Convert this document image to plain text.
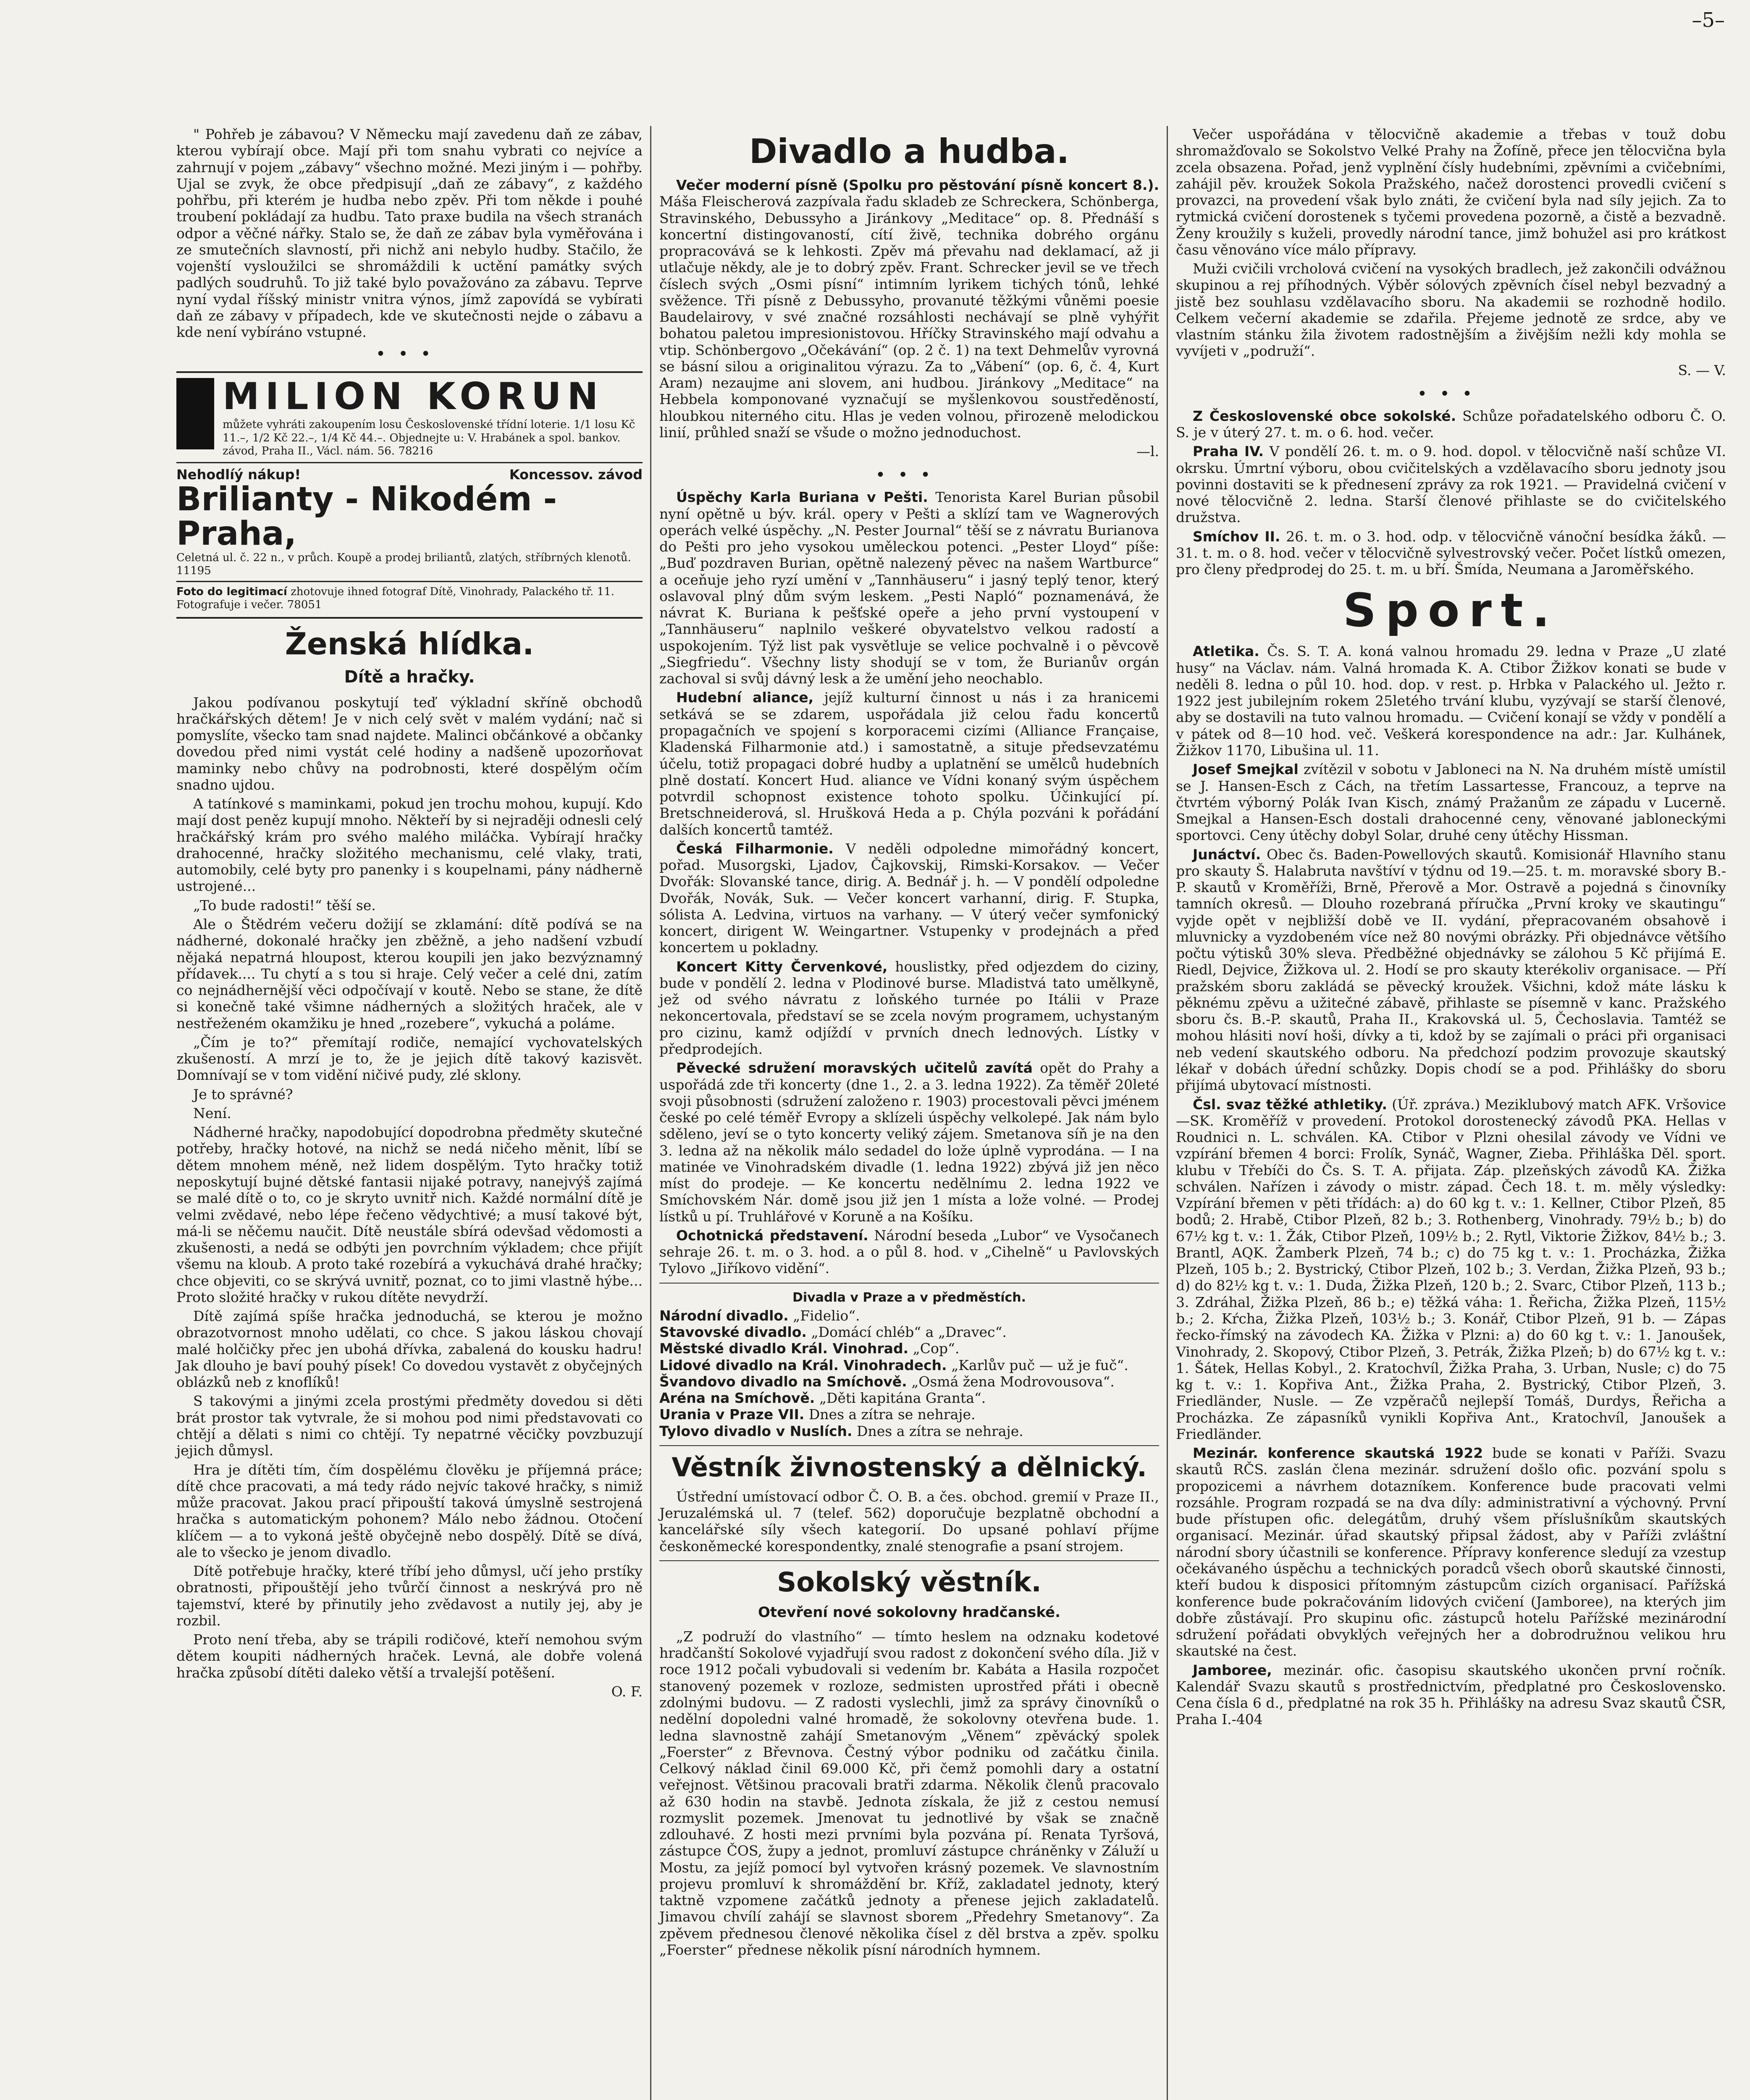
–5–

" Pohřeb je zábavou? V Německu mají zavedenu daň ze zábav, kterou vybírají obce. Mají při tom snahu vybrati co nejvíce a zahrnují v pojem „zábavy“ všechno možné. Mezi jiným i — pohřby. Ujal se zvyk, že obce předpisují „daň ze zábavy“, z každého pohřbu, při kterém je hudba nebo zpěv. Při tom někde i pouhé troubení pokládají za hudbu. Tato praxe budila na všech stranách odpor a věčné nářky. Stalo se, že daň ze zábav byla vyměřována i ze smutečních slavností, při nichž ani nebylo hudby. Stačilo, že vojenští vysloužilci se shromáždili k uctění památky svých padlých soudruhů. To již také bylo považováno za zábavu. Teprve nyní vydal říšský ministr vnitra výnos, jímž zapovídá se vybírati daň ze zábavy v případech, kde ve skutečnosti nejde o zábavu a kde není vybíráno vstupné.

•••
MILION KORUN
můžete vyhráti zakoupením losu Československé třídní loterie. 1/1 losu Kč 11.–, 1/2 Kč 22.–, 1/4 Kč 44.–. Objednejte u: V. Hrabánek a spol. bankov. závod, Praha II., Václ. nám. 56. 78216
Nehodlíý nákup!	Koncessov. závod
Brilianty - Nikodém - Praha,
Celetná ul. č. 22 n., v průch. Koupě a prodej briliantů, zlatých, stříbrných klenotů. 11195
Foto do legitimací zhotovuje ihned fotograf Dítě, Vinohrady, Palackého tř. 11. Fotografuje i večer. 78051
Ženská hlídka.
Dítě a hračky.

Jakou podívanou poskytují teď výkladní skříně obchodů hračkářských dětem! Je v nich celý svět v malém vydání; nač si pomyslíte, všecko tam snad najdete. Malinci občánkové a občanky dovedou před nimi vystát celé hodiny a nadšeně upozorňovat maminky nebo chůvy na podrobnosti, které dospělým očím snadno ujdou.

A tatínkové s maminkami, pokud jen trochu mohou, kupují. Kdo mají dost peněz kupují mnoho. Někteří by si nejraději odnesli celý hračkářský krám pro svého malého miláčka. Vybírají hračky drahocenné, hračky složitého mechanismu, celé vlaky, trati, automobily, celé byty pro panenky i s koupelnami, pány nádherně ustrojené...

„To bude radosti!“ těší se.

Ale o Štědrém večeru dožijí se zklamání: dítě podívá se na nádherné, dokonalé hračky jen zběžně, a jeho nadšení vzbudí nějaká nepatrná hloupost, kterou koupili jen jako bezvýznamný přídavek.... Tu chytí a s tou si hraje. Celý večer a celé dni, zatím co nejnádhernější věci odpočívají v koutě. Nebo se stane, že dítě si konečně také všimne nádherných a složitých hraček, ale v nestřeženém okamžiku je hned „rozebere“, vykuchá a poláme.

„Čím je to?“ přemítají rodiče, nemající vychovatelských zkušeností. A mrzí je to, že je jejich dítě takový kazisvět. Domnívají se v tom vidění ničivé pudy, zlé sklony.

Je to správné?

Není.

Nádherné hračky, napodobující dopodrobna předměty skutečné potřeby, hračky hotové, na nichž se nedá ničeho měnit, líbí se dětem mnohem méně, než lidem dospělým. Tyto hračky totiž neposkytují bujné dětské fantasii nijaké potravy, nanejvýš zajímá se malé dítě o to, co je skryto uvnitř nich. Každé normální dítě je velmi zvědavé, nebo lépe řečeno vědychtivé; a musí takové být, má-li se něčemu naučit. Dítě neustále sbírá odevšad vědomosti a zkušenosti, a nedá se odbýti jen povrchním výkladem; chce přijít všemu na kloub. A proto také rozebírá a vykuchává drahé hračky; chce objeviti, co se skrývá uvnitř, poznat, co to jimi vlastně hýbe... Proto složité hračky v rukou dítěte nevydrží.

Dítě zajímá spíše hračka jednoduchá, se kterou je možno obrazotvornost mnoho udělati, co chce. S jakou láskou chovají malé holčičky přec jen ubohá dřívka, zabalená do kousku hadru! Jak dlouho je baví pouhý písek! Co dovedou vystavět z obyčejných oblázků neb z knoflíků!

S takovými a jinými zcela prostými předměty dovedou si děti brát prostor tak vytvrale, že si mohou pod nimi představovati co chtějí a dělati s nimi co chtějí. Ty nepatrné věcičky povzbuzují jejich důmysl.

Hra je dítěti tím, čím dospělému člověku je příjemná práce; dítě chce pracovati, a má tedy rádo nejvíc takové hračky, s nimiž může pracovat. Jakou prací připouští taková úmyslně sestrojená hračka s automatickým pohonem? Málo nebo žádnou. Otočení klíčem — a to vykoná ještě obyčejně nebo dospělý. Dítě se dívá, ale to všecko je jenom divadlo.

Dítě potřebuje hračky, které tříbí jeho důmysl, učí jeho prstíky obratnosti, připouštějí jeho tvůrčí činnost a neskrývá pro ně tajemství, které by přinutily jeho zvědavost a nutily jej, aby je rozbil.

Proto není třeba, aby se trápili rodičové, kteří nemohou svým dětem koupiti nádherných hraček. Levná, ale dobře volená hračka způsobí dítěti daleko větší a trvalejší potěšení.

O. F.
Divadlo a hudba.

Večer moderní písně (Spolku pro pěstování písně koncert 8.). Máša Fleischerová zazpívala řadu skladeb ze Schreckera, Schönberga, Stravinského, Debussyho a Jiránkovy „Meditace“ op. 8. Přednáší s koncertní distingovaností, cítí živě, technika dobrého orgánu propracovává se k lehkosti. Zpěv má převahu nad deklamací, až ji utlačuje někdy, ale je to dobrý zpěv. Frant. Schrecker jevil se ve třech číslech svých „Osmi písní“ intimním lyrikem tichých tónů, lehké svěžence. Tři písně z Debussyho, provanuté těžkými vůněmi poesie Baudelairovy, v své značné rozsáhlosti nechávají se plně vyhýřit bohatou paletou impresionistovou. Hříčky Stravinského mají odvahu a vtip. Schönbergovo „Očekávání“ (op. 2 č. 1) na text Dehmelův vyrovná se básní silou a originalitou výrazu. Za to „Vábení“ (op. 6, č. 4, Kurt Aram) nezaujme ani slovem, ani hudbou. Jiránkovy „Meditace“ na Hebbela komponované vyznačují se myšlenkovou soustředěností, hloubkou niterného citu. Hlas je veden volnou, přirozeně melodickou linií, průhled snaží se všude o možno jednoduchost.

—l.
•••

Úspěchy Karla Buriana v Pešti. Tenorista Karel Burian působil nyní opětně u býv. král. opery v Pešti a sklízí tam ve Wagnerových operách velké úspěchy. „N. Pester Journal“ těší se z návratu Burianova do Pešti pro jeho vysokou uměleckou potenci. „Pester Lloyd“ píše: „Buď pozdraven Burian, opětně nalezený pěvec na našem Wartburce“ a oceňuje jeho ryzí umění v „Tannhäuseru“ i jasný teplý tenor, který oslavoval plný dům svým leskem. „Pesti Napló“ poznamenává, že návrat K. Buriana k pešťské opeře a jeho první vystoupení v „Tannhäuseru“ naplnilo veškeré obyvatelstvo velkou radostí a uspokojením. Týž list pak vysvětluje se velice pochvalně i o pěvcově „Siegfriedu“. Všechny listy shodují se v tom, že Burianův orgán zachoval si svůj dávný lesk a že umění jeho neochablo.

Hudební aliance, jejíž kulturní činnost u nás i za hranicemi setkává se se zdarem, uspořádala již celou řadu koncertů propagačních ve spojení s korporacemi cizími (Alliance Française, Kladenská Filharmonie atd.) i samostatně, a situje předsevzatému účelu, totiž propagaci dobré hudby a uplatnění se umělců hudebních plně dostatí. Koncert Hud. aliance ve Vídni konaný svým úspěchem potvrdil schopnost existence tohoto spolku. Účinkující pí. Bretschneiderová, sl. Hrušková Heda a p. Chýla pozváni k pořádání dalších koncertů tamtéž.

Česká Filharmonie. V neděli odpoledne mimořádný koncert, pořad. Musorgski, Ljadov, Čajkovskij, Rimski-Korsakov. — Večer Dvořák: Slovanské tance, dirig. A. Bednář j. h. — V pondělí odpoledne Dvořák, Novák, Suk. — Večer koncert varhanní, dirig. F. Stupka, sólista A. Ledvina, virtuos na varhany. — V úterý večer symfonický koncert, dirigent W. Weingartner. Vstupenky v prodejnách a před koncertem u pokladny.

Koncert Kitty Červenkové, houslistky, před odjezdem do ciziny, bude v pondělí 2. ledna v Plodinové burse. Mladistvá tato umělkyně, jež od svého návratu z loňského turnée po Itálii v Praze nekoncertovala, představí se se zcela novým programem, uchystaným pro cizinu, kamž odjíždí v prvních dnech lednových. Lístky v předprodejích.

Pěvecké sdružení moravských učitelů zavítá opět do Prahy a uspořádá zde tři koncerty (dne 1., 2. a 3. ledna 1922). Za těměř 20leté svoji působnosti (sdružení založeno r. 1903) procestovali pěvci jménem české po celé téměř Evropy a sklízeli úspěchy velkolepé. Jak nám bylo sděleno, jeví se o tyto koncerty veliký zájem. Smetanova síň je na den 3. ledna až na několik málo sedadel do lože úplně vyprodána. — I na matinée ve Vinohradském divadle (1. ledna 1922) zbývá již jen něco míst do prodeje. — Ke koncertu nedělnímu 2. ledna 1922 ve Smíchovském Nár. domě jsou již jen 1 místa a lože volné. — Prodej lístků u pí. Truhlářové v Koruně a na Košíku.

Ochotnická představení. Národní beseda „Lubor“ ve Vysočanech sehraje 26. t. m. o 3. hod. a o půl 8. hod. v „Cihelně“ u Pavlovských Tylovo „Jiříkovo vidění“.

Divadla v Praze a v předměstích.

Národní divadlo. „Fidelio“.

Stavovské divadlo. „Domácí chléb“ a „Dravec“.

Městské divadlo Král. Vinohrad. „Cop“.

Lidové divadlo na Král. Vinohradech. „Karlův puč — už je fuč“.

Švandovo divadlo na Smíchově. „Osmá žena Modrovousova“.

Aréna na Smíchově. „Děti kapitána Granta“.

Urania v Praze VII. Dnes a zítra se nehraje.

Tylovo divadlo v Nuslích. Dnes a zítra se nehraje.

Věstník živnostenský a dělnický.

Ústřední umístovací odbor Č. O. B. a čes. obchod. gremií v Praze II., Jeruzalémská ul. 7 (telef. 562) doporučuje bezplatně obchodní a kancelářské síly všech kategorií. Do upsané pohlaví příjme českoněmecké korespondentky, znalé stenografie a psaní strojem.

Sokolský věstník.
Otevření nové sokolovny hradčanské.

„Z podruží do vlastního“ — tímto heslem na odznaku kodetové hradčanští Sokolové vyjadřují svou radost z dokončení svého díla. Již v roce 1912 počali vybudovali si vedením br. Kabáta a Hasila rozpočet stanovený pozemek v rozloze, sedmisten uprostřed přáti i obecně zdolnými budovu. — Z radosti vyslechli, jimž za správy činovníků o nedělní dopoledni valné hromadě, že sokolovny otevřena bude. 1. ledna slavnostně zahájí Smetanovým „Věnem“ zpěvácký spolek „Foerster“ z Břevnova. Čestný výbor podniku od začátku činila. Celkový náklad činil 69.000 Kč, při čemž pomohli dary a ostatní veřejnost. Většinou pracovali bratři zdarma. Několik členů pracovalo až 630 hodin na stavbě. Jednota získala, že již z cestou nemusí rozmyslit pozemek. Jmenovat tu jednotlivé by však se značně zdlouhavé. Z hosti mezi prvními byla pozvána pí. Renata Tyršová, zástupce ČOS, župy a jednot, promluví zástupce chráněnky v Záluží u Mostu, za jejíž pomocí byl vytvořen krásný pozemek. Ve slavnostním projevu promluví k shromáždění br. Kříž, zakladatel jednoty, který taktně vzpomene začátků jednoty a přenese jejich zakladatelů. Jimavou chvílí zahájí se slavnost sborem „Předehry Smetanovy“. Za zpěvem přednesou členové několika čísel z děl brstva a zpěv. spolku „Foerster“ přednese několik písní národních hymnem.

Večer uspořádána v tělocvičně akademie a třebas v touž dobu shromažďovalo se Sokolstvo Velké Prahy na Žofíně, přece jen tělocvična byla zcela obsazena. Pořad, jenž vyplnění čísly hudebními, zpěvními a cvičebními, zahájil pěv. kroužek Sokola Pražského, načež dorostenci provedli cvičení s provazci, na provedení však bylo znáti, že cvičení byla nad síly jejich. Za to rytmická cvičení dorostenek s tyčemi provedena pozorně, a čistě a bezvadně. Ženy kroužily s kuželi, provedly národní tance, jimž bohužel asi pro krátkost času věnováno více málo přípravy.

Muži cvičili vrcholová cvičení na vysokých bradlech, jež zakončili odvážnou skupinou a rej příhodných. Výběr sólových zpěvních čísel nebyl bezvadný a jistě bez souhlasu vzdělavacího sboru. Na akademii se rozhodně hodilo. Celkem večerní akademie se zdařila. Přejeme jednotě ze srdce, aby ve vlastním stánku žila životem radostnějším a živějším nežli kdy mohla se vyvíjeti v „podruží“.

S. — V.
•••

Z Československé obce sokolské. Schůze pořadatelského odboru Č. O. S. je v úterý 27. t. m. o 6. hod. večer.

Praha IV. V pondělí 26. t. m. o 9. hod. dopol. v tělocvičně naší schůze VI. okrsku. Úmrtní výboru, obou cvičitelských a vzdělavacího sboru jednoty jsou povinni dostaviti se k přednesení zprávy za rok 1921. — Pravidelná cvičení v nové tělocvičně 2. ledna. Starší členové přihlaste se do cvičitelského družstva.

Smíchov II. 26. t. m. o 3. hod. odp. v tělocvičně vánoční besídka žáků. — 31. t. m. o 8. hod. večer v tělocvičně sylvestrovský večer. Počet lístků omezen, pro členy předprodej do 25. t. m. u bří. Šmída, Neumana a Jaroměřského.

Sport.

Atletika. Čs. S. T. A. koná valnou hromadu 29. ledna v Praze „U zlaté husy“ na Václav. nám. Valná hromada K. A. Ctibor Žižkov konati se bude v neděli 8. ledna o půl 10. hod. dop. v rest. p. Hrbka v Palackého ul. Ježto r. 1922 jest jubilejním rokem 25letého trvání klubu, vyzývají se starší členové, aby se dostavili na tuto valnou hromadu. — Cvičení konají se vždy v pondělí a v pátek od 8—10 hod. več. Veškerá korespondence na adr.: Jar. Kulhánek, Žižkov 1170, Libušina ul. 11.

Josef Smejkal zvítězil v sobotu v Jabloneci na N. Na druhém místě umístil se J. Hansen-Esch z Cách, na třetím Lassartesse, Francouz, a teprve na čtvrtém výborný Polák Ivan Kisch, známý Pražanům ze západu v Lucerně. Smejkal a Hansen-Esch dostali drahocenné ceny, věnované jabloneckými sportovci. Ceny útěchy dobyl Solar, druhé ceny útěchy Hissman.

Junáctví. Obec čs. Baden-Powellových skautů. Komisionář Hlavního stanu pro skauty Š. Halabruta navštíví v týdnu od 19.—25. t. m. moravské sbory B.-P. skautů v Kroměříži, Brně, Přerově a Mor. Ostravě a pojedná s činovníky tamních okresů. — Dlouho rozebraná příručka „První kroky ve skautingu“ vyjde opět v nejbližší době ve II. vydání, přepracovaném obsahově i mluvnicky a vyzdobeném více než 80 novými obrázky. Při objednávce většího počtu výtisků 30% sleva. Předběžné objednávky se zálohou 5 Kč přijímá E. Riedl, Dejvice, Žižkova ul. 2. Hodí se pro skauty kterékoliv organisace. — Pří pražském sboru zakládá se pěvecký kroužek. Všichni, kdož máte lásku k pěknému zpěvu a užitečné zábavě, přihlaste se písemně v kanc. Pražského sboru čs. B.-P. skautů, Praha II., Krakovská ul. 5, Čechoslavia. Tamtéž se mohou hlásiti noví hoši, dívky a ti, kdož by se zajímali o práci při organisaci neb vedení skautského odboru. Na předchozí podzim provozuje skautský lékař v dobách úřední schůzky. Dopis chodí se a pod. Přihlášky do sboru přijímá ubytovací místnosti.

Čsl. svaz těžké athletiky. (Úř. zpráva.) Meziklubový match AFK. Vršovice—SK. Kroměříž v provedení. Protokol dorostenecký závodů PKA. Hellas v Roudnici n. L. schválen. KA. Ctibor v Plzni ohesilal závody ve Vídni ve vzpírání břemen 4 borci: Frolík, Synáč, Wagner, Zieba. Přihláška Děl. sport. klubu v Třebíči do Čs. S. T. A. přijata. Záp. plzeňských závodů KA. Žižka schválen. Nařízen i závody o mistr. západ. Čech 18. t. m. měly výsledky: Vzpírání břemen v pěti třídách: a) do 60 kg t. v.: 1. Kellner, Ctibor Plzeň, 85 bodů; 2. Hrabě, Ctibor Plzeň, 82 b.; 3. Rothenberg, Vinohrady. 79½ b.; b) do 67½ kg t. v.: 1. Žák, Ctibor Plzeň, 109½ b.; 2. Rytl, Viktorie Žižkov, 84½ b.; 3. Brantl, AQK. Žamberk Plzeň, 74 b.; c) do 75 kg t. v.: 1. Procházka, Žižka Plzeň, 105 b.; 2. Bystrický, Ctibor Plzeň, 102 b.; 3. Verdan, Žižka Plzeň, 93 b.; d) do 82½ kg t. v.: 1. Duda, Žižka Plzeň, 120 b.; 2. Svarc, Ctibor Plzeň, 113 b.; 3. Zdráhal, Žižka Plzeň, 86 b.; e) těžká váha: 1. Řeřicha, Žižka Plzeň, 115½ b.; 2. Kŕcha, Žižka Plzeň, 103½ b.; 3. Konář, Ctibor Plzeň, 91 b. — Zápas řecko-římský na závodech KA. Žižka v Plzni: a) do 60 kg t. v.: 1. Janoušek, Vinohrady, 2. Skopový, Ctibor Plzeň, 3. Petrák, Žižka Plzeň; b) do 67½ kg t. v.: 1. Šátek, Hellas Kobyl., 2. Kratochvíl, Žižka Praha, 3. Urban, Nusle; c) do 75 kg t. v.: 1. Kopřiva Ant., Žižka Praha, 2. Bystrický, Ctibor Plzeň, 3. Friedländer, Nusle. — Ze vzpěračů nejlepší Tomáš, Durdys, Řeřicha a Procházka. Ze zápasníků vynikli Kopřiva Ant., Kratochvíl, Janoušek a Friedländer.

Mezinár. konference skautská 1922 bude se konati v Paříži. Svazu skautů RČS. zaslán člena mezinár. sdružení došlo ofic. pozvání spolu s propozicemi a návrhem dotazníkem. Konference bude pracovati velmi rozsáhle. Program rozpadá se na dva díly: administrativní a výchovný. První bude přístupen ofic. delegátům, druhý všem příslušníkům skautských organisací. Mezinár. úřad skautský připsal žádost, aby v Paříži zvláštní národní sbory účastnili se konference. Přípravy konference sledují za vzestup očekávaného úspěchu a technických poradců všech oborů skautské činnosti, kteří budou k disposici přítomným zástupcům cizích organisací. Pařížská konference bude pokračováním lidových cvičení (Jamboree), na kterých jim dobře zůstávají. Pro skupinu ofic. zástupců hotelu Pařížské mezinárodní sdružení pořádati obvyklých veřejných her a dobrodružnou velikou hru skautské na čest.

Jamboree, mezinár. ofic. časopisu skautského ukončen první ročník. Kalendář Svazu skautů s prostřednictvím, předplatné pro Československo. Cena čísla 6 d., předplatné na rok 35 h. Přihlášky na adresu Svaz skautů ČSR, Praha I.-404
